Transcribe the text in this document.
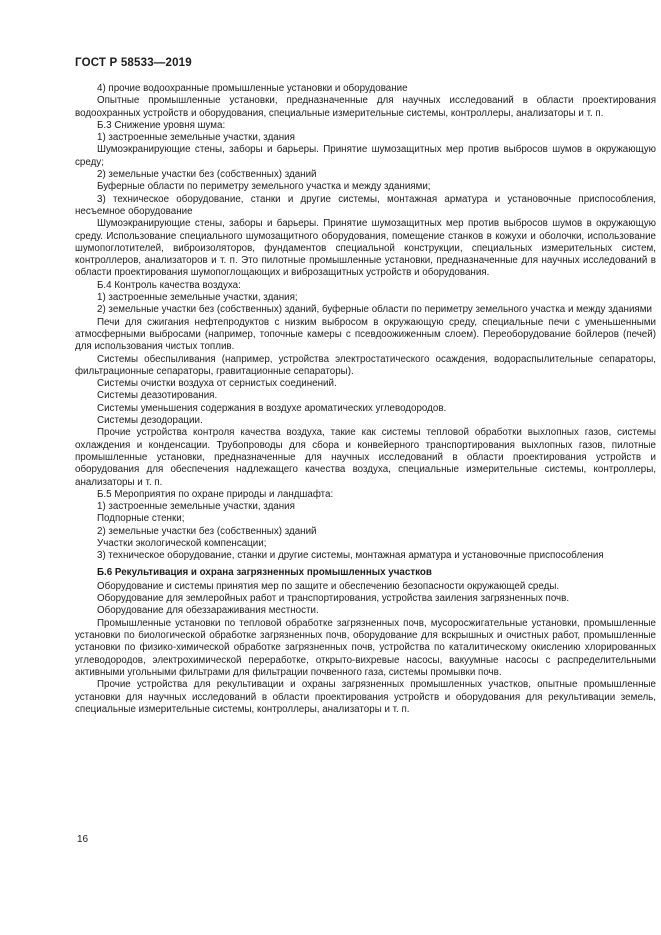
ГОСТ Р 58533—2019

4) прочие водоохранные промышленные установки и оборудование

Опытные промышленные установки, предназначенные для научных исследований в области проектирования водоохранных устройств и оборудования, специальные измерительные системы, контроллеры, анализаторы и т. п.

Б.3 Снижение уровня шума:

1) застроенные земельные участки, здания

Шумоэкранирующие стены, заборы и барьеры. Принятие шумозащитных мер против выбросов шумов в окружающую среду;

2) земельные участки без (собственных) зданий

Буферные области по периметру земельного участка и между зданиями;

3) техническое оборудование, станки и другие системы, монтажная арматура и установочные приспособления, несъемное оборудование

Шумоэкранирующие стены, заборы и барьеры. Принятие шумозащитных мер против выбросов шумов в окружающую среду. Использование специального шумозащитного оборудования, помещение станков в кожухи и оболочки, использование шумопоглотителей, виброизоляторов, фундаментов специальной конструкции, специальных измерительных систем, контроллеров, анализаторов и т. п. Это пилотные промышленные установки, предназначенные для научных исследований в области проектирования шумопоглощающих и виброзащитных устройств и оборудования.

Б.4 Контроль качества воздуха:

1) застроенные земельные участки, здания;

2) земельные участки без (собственных) зданий, буферные области по периметру земельного участка и между зданиями

Печи для сжигания нефтепродуктов с низким выбросом в окружающую среду, специальные печи с уменьшенными атмосферными выбросами (например, топочные камеры с псевдоожиженным слоем). Переоборудование бойлеров (печей) для использования чистых топлив.

Системы обеспыливания (например, устройства электростатического осаждения, водораспылительные сепараторы, фильтрационные сепараторы, гравитационные сепараторы).

Системы очистки воздуха от сернистых соединений.

Системы деазотирования.

Системы уменьшения содержания в воздухе ароматических углеводородов.

Системы дезодорации.

Прочие устройства контроля качества воздуха, такие как системы тепловой обработки выхлопных газов, системы охлаждения и конденсации. Трубопроводы для сбора и конвейерного транспортирования выхлопных газов, пилотные промышленные установки, предназначенные для научных исследований в области проектирования устройств и оборудования для обеспечения надлежащего качества воздуха, специальные измерительные системы, контроллеры, анализаторы и т. п.

Б.5 Мероприятия по охране природы и ландшафта:

1) застроенные земельные участки, здания

Подпорные стенки;

2) земельные участки без (собственных) зданий

Участки экологической компенсации;

3) техническое оборудование, станки и другие системы, монтажная арматура и установочные приспособления

Б.6 Рекультивация и охрана загрязненных промышленных участков

Оборудование и системы принятия мер по защите и обеспечению безопасности окружающей среды.

Оборудование для землеройных работ и транспортирования, устройства заиления загрязненных почв.

Оборудование для обеззараживания местности.

Промышленные установки по тепловой обработке загрязненных почв, мусоросжигательные установки, промышленные установки по биологической обработке загрязненных почв, оборудование для вскрышных и очистных работ, промышленные установки по физико-химической обработке загрязненных почв, устройства по каталитическому окислению хлорированных углеводородов, электрохимической переработке, открыто-вихревые насосы, вакуумные насосы с распределительными активными угольными фильтрами для фильтрации почвенного газа, системы промывки почв.

Прочие устройства для рекультивации и охраны загрязненных промышленных участков, опытные промышленные установки для научных исследований в области проектирования устройств и оборудования для рекультивации земель, специальные измерительные системы, контроллеры, анализаторы и т. п.

16
